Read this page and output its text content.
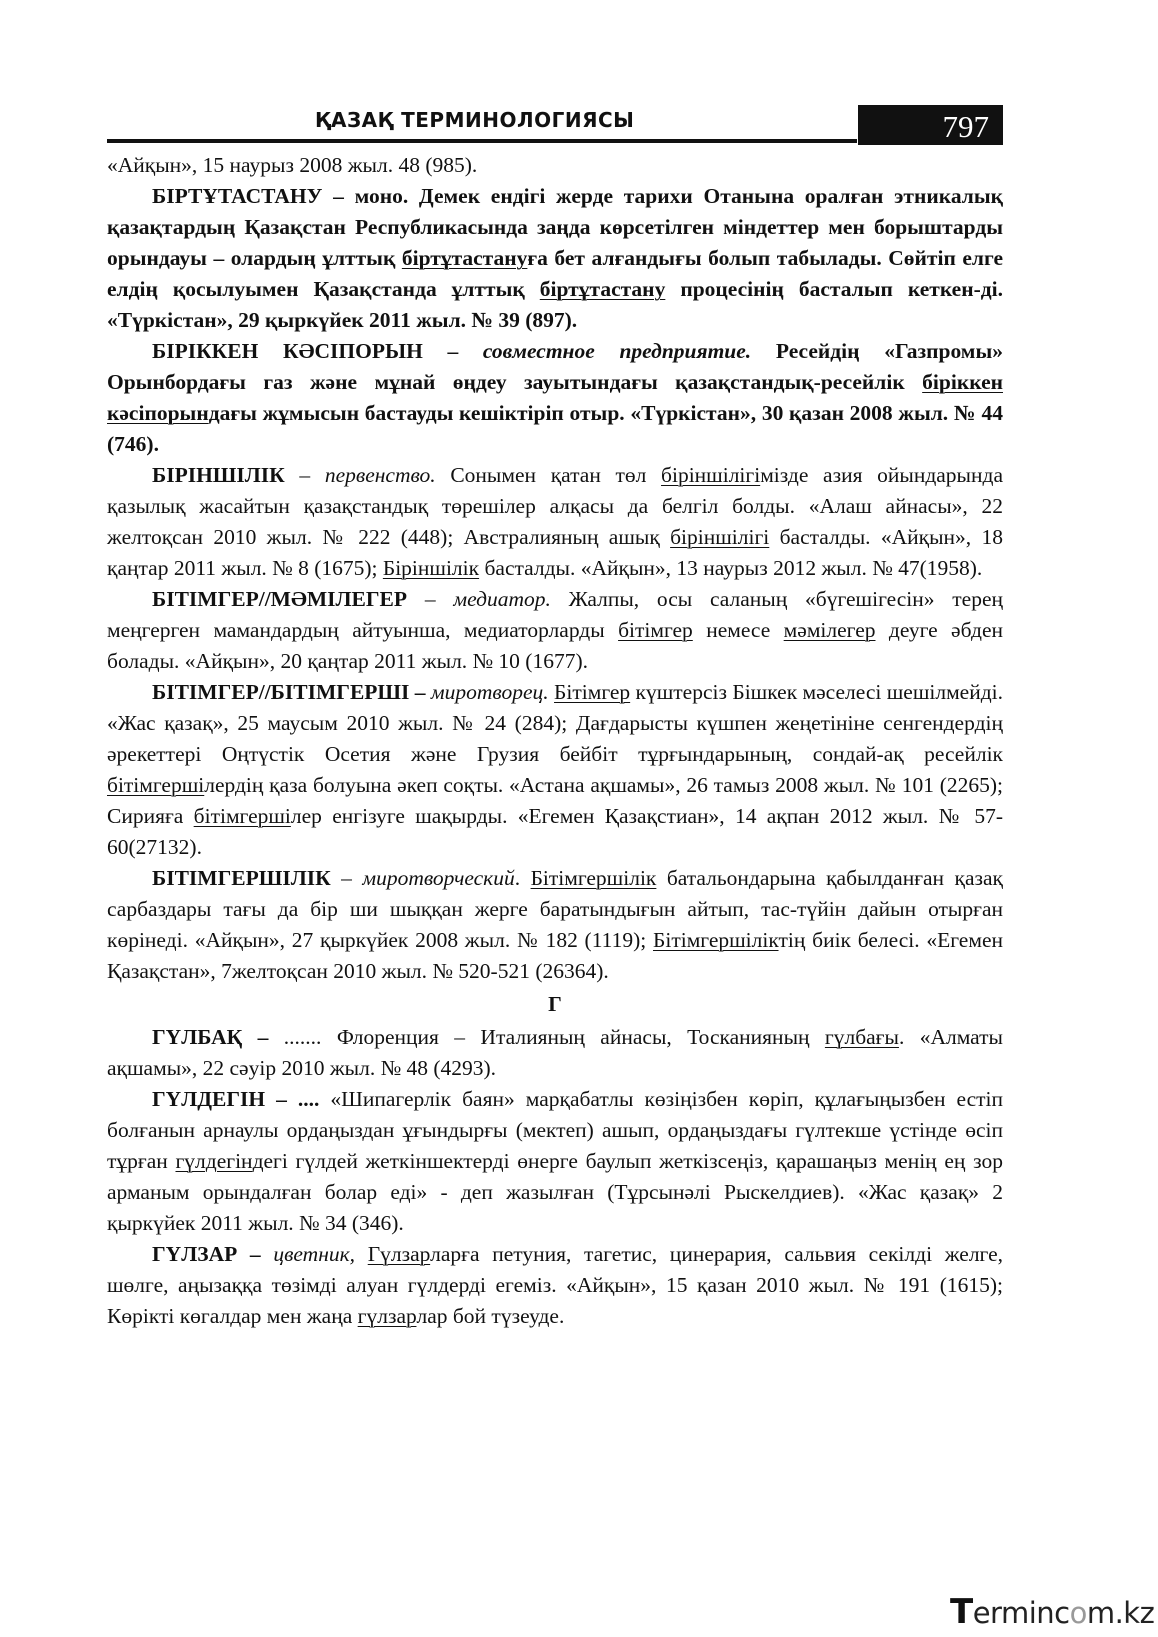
ҚАЗАҚ ТЕРМИНОЛОГИЯСЫ	797

«Айқын», 15 наурыз 2008 жыл. 48 (985).

БІРТҰТАСТАНУ – моно. Демек ендігі жерде тарихи Отанына оралған этникалық қазақтардың Қазақстан Республикасында заңда көрсетілген міндеттер мен борыштарды орындауы – олардың ұлттық біртұтастануға бет алғандығы болып табылады. Сөйтіп елге елдің қосылуымен Қазақстанда ұлттық біртұтастану процесінің басталып кеткен-ді. «Түркістан», 29 қыркүйек 2011 жыл. № 39 (897).

БІРІККЕН КӘСІПОРЫН – совместное предприятие. Ресейдің «Газпромы» Орынбордағы газ және мұнай өңдеу зауытындағы қазақстандық-ресейлік біріккен кәсіпорындағы жұмысын бастауды кешіктіріп отыр. «Түркістан», 30 қазан 2008 жыл. № 44 (746).

БІРІНШІЛІК – первенство. Сонымен қатан төл біріншілігімізде азия ойындарында қазылық жасайтын қазақстандық төрешілер алқасы да белгіл болды. «Алаш айнасы», 22 желтоқсан 2010 жыл. № 222 (448); Австралияның ашық біріншілігі басталды. «Айқын», 18 қаңтар 2011 жыл. № 8 (1675); Біріншілік басталды. «Айқын», 13 наурыз 2012 жыл. № 47(1958).

БІТІМГЕР//МӘМІЛЕГЕР – медиатор. Жалпы, осы саланың «бүгешігесін» терең меңгерген мамандардың айтуынша, медиаторларды бітімгер немесе мәмілегер деуге әбден болады. «Айқын», 20 қаңтар 2011 жыл. № 10 (1677).

БІТІМГЕР//БІТІМГЕРШІ – миротворец. Бітімгер күштерсіз Бішкек мәселесі шешілмейді. «Жас қазақ», 25 маусым 2010 жыл. № 24 (284); Дағдарысты күшпен жеңетініне сенгендердің әрекеттері Оңтүстік Осетия және Грузия бейбіт тұрғындарының, сондай-ақ ресейлік бітімгершілердің қаза болуына әкеп соқты. «Астана ақшамы», 26 тамыз 2008 жыл. № 101 (2265); Сирияға бітімгершілер енгізуге шақырды. «Егемен Қазақстиан», 14 ақпан 2012 жыл. № 57-60(27132).

БІТІМГЕРШІЛІК – миротворческий. Бітімгершілік батальондарына қабылданған қазақ сарбаздары тағы да бір ши шыққан жерге баратындығын айтып, тас-түйін дайын отырған көрінеді. «Айқын», 27 қыркүйек 2008 жыл. № 182 (1119); Бітімгершіліктің биік белесі. «Егемен Қазақстан», 7желтоқсан 2010 жыл. № 520-521 (26364).

Г

ГҮЛБАҚ – ....... Флоренция – Италияның айнасы, Тосканияның гүлбағы. «Алматы ақшамы», 22 сәуір 2010 жыл. № 48 (4293).

ГҮЛДЕГІН – .... «Шипагерлік баян» марқабатлы көзіңізбен көріп, құлағыңызбен естіп болғанын арнаулы ордаңыздан ұғындырғы (мектеп) ашып, ордаңыздағы гүлтекше үстінде өсіп тұрған гүлдегіндегі гүлдей жеткіншектерді өнерге баулып жеткізсеңіз, қарашаңыз менің ең зор арманым орындалған болар еді» - деп жазылған (Тұрсынәлі Рыскелдиев). «Жас қазақ» 2 қыркүйек 2011 жыл. № 34 (346).

ГҮЛЗАР – цветник, Гүлзарларға петуния, тагетис, цинерария, сальвия секілді желге, шөлге, аңызаққа төзімді алуан гүлдерді егеміз. «Айқын», 15 қазан 2010 жыл. № 191 (1615); Көрікті көгалдар мен жаңа гүлзарлар бой түзеуде.

Termincom.kz
